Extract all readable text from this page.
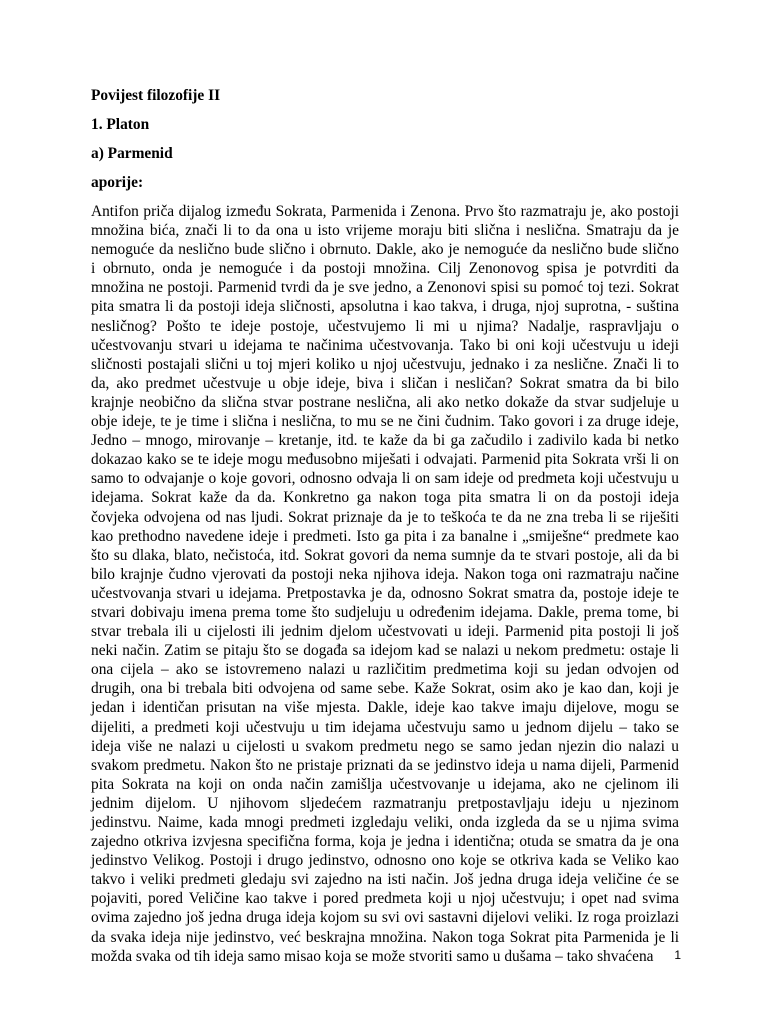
Povijest filozofije II

1. Platon

a) Parmenid

aporije:

Antifon priča dijalog između Sokrata, Parmenida i Zenona. Prvo što razmatraju je, ako postoji
množina bića, znači li to da ona u isto vrijeme moraju biti slična i neslična. Smatraju da je
nemoguće da neslično bude slično i obrnuto. Dakle, ako je nemoguće da neslično bude slično
i obrnuto, onda je nemoguće i da postoji množina. Cilj Zenonovog spisa je potvrditi da
množina ne postoji. Parmenid tvrdi da je sve jedno, a Zenonovi spisi su pomoć toj tezi. Sokrat
pita smatra li da postoji ideja sličnosti, apsolutna i kao takva, i druga, njoj suprotna, - suština
nesličnog? Pošto te ideje postoje, učestvujemo li mi u njima? Nadalje, raspravljaju o
učestvovanju stvari u idejama te načinima učestvovanja. Tako bi oni koji učestvuju u ideji
sličnosti postajali slični u toj mjeri koliko u njoj učestvuju, jednako i za neslične. Znači li to
da, ako predmet učestvuje u obje ideje, biva i sličan i nesličan? Sokrat smatra da bi bilo
krajnje neobično da slična stvar postrane neslična, ali ako netko dokaže da stvar sudjeluje u
obje ideje, te je time i slična i neslična, to mu se ne čini čudnim. Tako govori i za druge ideje,
Jedno – mnogo, mirovanje – kretanje, itd. te kaže da bi ga začudilo i zadivilo kada bi netko
dokazao kako se te ideje mogu međusobno miješati i odvajati. Parmenid pita Sokrata vrši li on
samo to odvajanje o koje govori, odnosno odvaja li on sam ideje od predmeta koji učestvuju u
idejama. Sokrat kaže da da. Konkretno ga nakon toga pita smatra li on da postoji ideja
čovjeka odvojena od nas ljudi. Sokrat priznaje da je to teškoća te da ne zna treba li se riješiti
kao prethodno navedene ideje i predmeti. Isto ga pita i za banalne i „smiješne“ predmete kao
što su dlaka, blato, nečistoća, itd. Sokrat govori da nema sumnje da te stvari postoje, ali da bi
bilo krajnje čudno vjerovati da postoji neka njihova ideja. Nakon toga oni razmatraju načine
učestvovanja stvari u idejama. Pretpostavka je da, odnosno Sokrat smatra da, postoje ideje te
stvari dobivaju imena prema tome što sudjeluju u određenim idejama. Dakle, prema tome, bi
stvar trebala ili u cijelosti ili jednim djelom učestvovati u ideji. Parmenid pita postoji li još
neki način. Zatim se pitaju što se događa sa idejom kad se nalazi u nekom predmetu: ostaje li
ona cijela – ako se istovremeno nalazi u različitim predmetima koji su jedan odvojen od
drugih, ona bi trebala biti odvojena od same sebe. Kaže Sokrat, osim ako je kao dan, koji je
jedan i identičan prisutan na više mjesta. Dakle, ideje kao takve imaju dijelove, mogu se
dijeliti, a predmeti koji učestvuju u tim idejama učestvuju samo u jednom dijelu – tako se
ideja više ne nalazi u cijelosti u svakom predmetu nego se samo jedan njezin dio nalazi u
svakom predmetu. Nakon što ne pristaje priznati da se jedinstvo ideja u nama dijeli, Parmenid
pita Sokrata na koji on onda način zamišlja učestvovanje u idejama, ako ne cjelinom ili
jednim dijelom. U njihovom sljedećem razmatranju pretpostavljaju ideju u njezinom
jedinstvu. Naime, kada mnogi predmeti izgledaju veliki, onda izgleda da se u njima svima
zajedno otkriva izvjesna specifična forma, koja je jedna i identična; otuda se smatra da je ona
jedinstvo Velikog. Postoji i drugo jedinstvo, odnosno ono koje se otkriva kada se Veliko kao
takvo i veliki predmeti gledaju svi zajedno na isti način. Još jedna druga ideja veličine će se
pojaviti, pored Veličine kao takve i pored predmeta koji u njoj učestvuju; i opet nad svima
ovima zajedno još jedna druga ideja kojom su svi ovi sastavni dijelovi veliki. Iz roga proizlazi
da svaka ideja nije jedinstvo, već beskrajna množina. Nakon toga Sokrat pita Parmenida je li
možda svaka od tih ideja samo misao koja se može stvoriti samo u dušama – tako shvaćena	1
